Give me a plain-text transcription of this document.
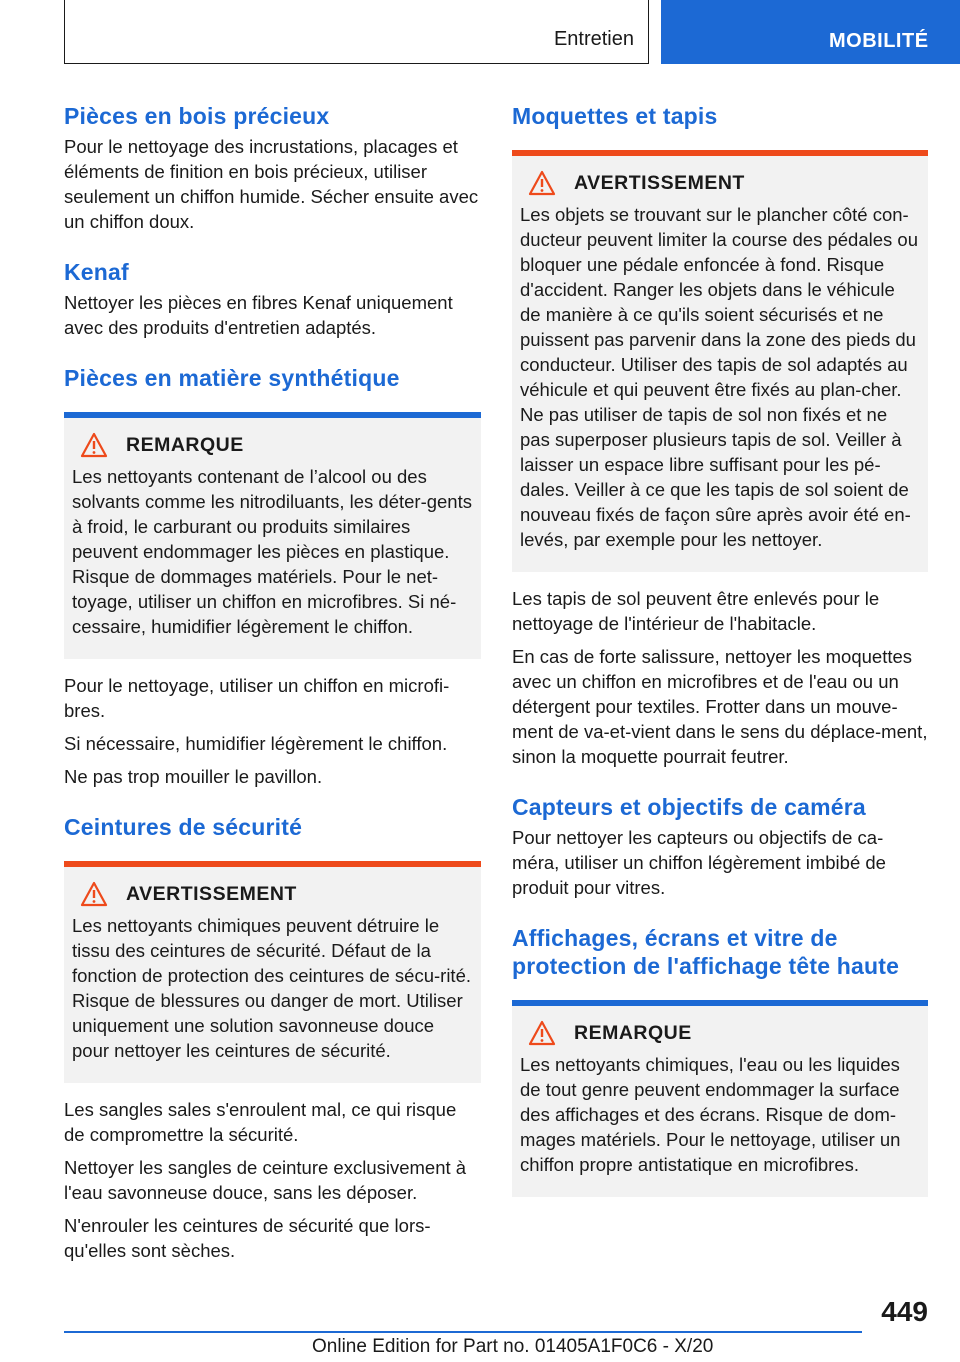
Entretien	MOBILITÉ
Pièces en bois précieux

Pour le nettoyage des incrustations, placages et éléments de finition en bois précieux, utiliser seulement un chiffon humide. Sécher ensuite avec un chiffon doux.

Kenaf

Nettoyer les pièces en fibres Kenaf uniquement avec des produits d'entretien adaptés.

Pièces en matière synthétique
REMARQUE

Les nettoyants contenant de l’alcool ou des solvants comme les nitrodiluants, les déter-gents à froid, le carburant ou produits similaires peuvent endommager les pièces en plastique. Risque de dommages matériels. Pour le net-toyage, utiliser un chiffon en microfibres. Si né-cessaire, humidifier légèrement le chiffon.

Pour le nettoyage, utiliser un chiffon en microfi-bres.

Si nécessaire, humidifier légèrement le chiffon.

Ne pas trop mouiller le pavillon.

Ceintures de sécurité
AVERTISSEMENT

Les nettoyants chimiques peuvent détruire le tissu des ceintures de sécurité. Défaut de la fonction de protection des ceintures de sécu-rité. Risque de blessures ou danger de mort. Utiliser uniquement une solution savonneuse douce pour nettoyer les ceintures de sécurité.

Les sangles sales s'enroulent mal, ce qui risque de compromettre la sécurité.

Nettoyer les sangles de ceinture exclusivement à l'eau savonneuse douce, sans les déposer.

N'enrouler les ceintures de sécurité que lors-qu'elles sont sèches.

Moquettes et tapis
AVERTISSEMENT

Les objets se trouvant sur le plancher côté con-ducteur peuvent limiter la course des pédales ou bloquer une pédale enfoncée à fond. Risque d'accident. Ranger les objets dans le véhicule de manière à ce qu'ils soient sécurisés et ne puissent pas parvenir dans la zone des pieds du conducteur. Utiliser des tapis de sol adaptés au véhicule et qui peuvent être fixés au plan-cher. Ne pas utiliser de tapis de sol non fixés et ne pas superposer plusieurs tapis de sol. Veiller à laisser un espace libre suffisant pour les pé-dales. Veiller à ce que les tapis de sol soient de nouveau fixés de façon sûre après avoir été en-levés, par exemple pour les nettoyer.

Les tapis de sol peuvent être enlevés pour le nettoyage de l'intérieur de l'habitacle.

En cas de forte salissure, nettoyer les moquettes avec un chiffon en microfibres et de l'eau ou un détergent pour textiles. Frotter dans un mouve-ment de va-et-vient dans le sens du déplace-ment, sinon la moquette pourrait feutrer.

Capteurs et objectifs de caméra

Pour nettoyer les capteurs ou objectifs de ca-méra, utiliser un chiffon légèrement imbibé de produit pour vitres.

Affichages, écrans et vitre de protection de l'affichage tête haute
REMARQUE

Les nettoyants chimiques, l'eau ou les liquides de tout genre peuvent endommager la surface des affichages et des écrans. Risque de dom-mages matériels. Pour le nettoyage, utiliser un chiffon propre antistatique en microfibres.

449
Online Edition for Part no. 01405A1F0C6 - X/20
